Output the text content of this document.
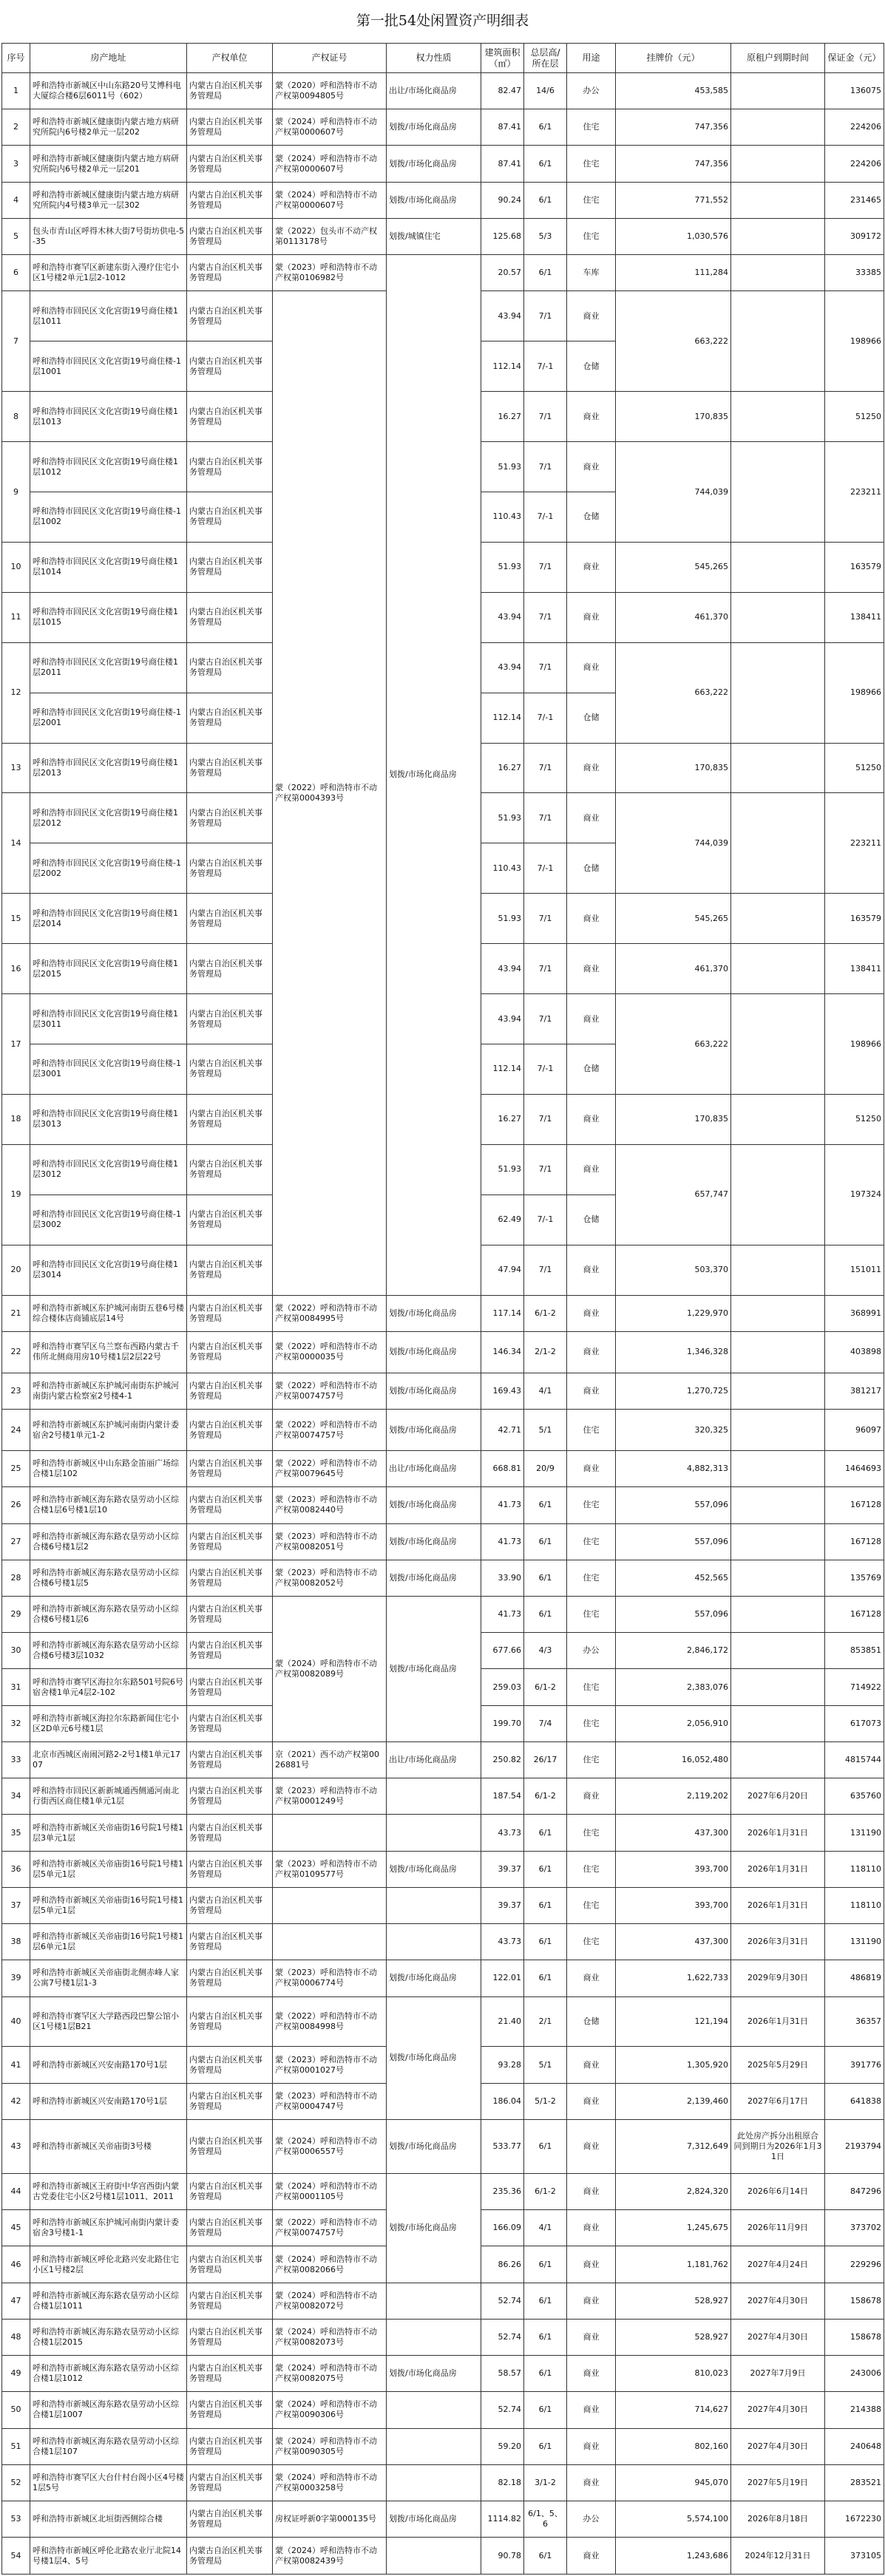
第一批54处闲置资产明细表
序号	房产地址	产权单位	产权证号	权力性质	建筑面积（㎡）	总层高/所在层	用途	挂牌价（元）	原租户到期时间	保证金（元）
1	呼和浩特市新城区中山东路20号艾博科电大厦综合楼6层6011号（602）	内蒙古自治区机关事务管理局	蒙（2020）呼和浩特市不动产权第0094805号	出让/市场化商品房	82.47	14/6	办公	453,585		136075
2	呼和浩特市新城区健康街内蒙古地方病研究所院内6号楼2单元一层202	内蒙古自治区机关事务管理局	蒙（2024）呼和浩特市不动产权第0000607号	划拨/市场化商品房	87.41	6/1	住宅	747,356		224206
3	呼和浩特市新城区健康街内蒙古地方病研究所院内6号楼2单元一层201	内蒙古自治区机关事务管理局	蒙（2024）呼和浩特市不动产权第0000607号	划拨/市场化商品房	87.41	6/1	住宅	747,356		224206
4	呼和浩特市新城区健康街内蒙古地方病研究所院内4号楼3单元一层302	内蒙古自治区机关事务管理局	蒙（2024）呼和浩特市不动产权第0000607号	划拨/市场化商品房	90.24	6/1	住宅	771,552		231465
5	包头市青山区呼得木林大街7号街坊供电-5-35	内蒙古自治区机关事务管理局	蒙（2022）包头市不动产权第0113178号	划拨/城镇住宅	125.68	5/3	住宅	1,030,576		309172
6	呼和浩特市赛罕区新建东街入漫疗住宅小区1号楼2单元1层2-1012	内蒙古自治区机关事务管理局	蒙（2023）呼和浩特市不动产权第0106982号	划拨/市场化商品房	20.57	6/1	车库	111,284		33385
7	呼和浩特市回民区文化宫街19号商住楼1层1011	内蒙古自治区机关事务管理局	蒙（2022）呼和浩特市不动产权第0004393号		43.94	7/1	商业	663,222		198966
	呼和浩特市回民区文化宫街19号商住楼-1层1001	内蒙古自治区机关事务管理局			112.14	7/-1	仓储			
8	呼和浩特市回民区文化宫街19号商住楼1层1013	内蒙古自治区机关事务管理局			16.27	7/1	商业	170,835		51250
9	呼和浩特市回民区文化宫街19号商住楼1层1012	内蒙古自治区机关事务管理局			51.93	7/1	商业	744,039		223211
	呼和浩特市回民区文化宫街19号商住楼-1层1002	内蒙古自治区机关事务管理局			110.43	7/-1	仓储			
10	呼和浩特市回民区文化宫街19号商住楼1层1014	内蒙古自治区机关事务管理局			51.93	7/1	商业	545,265		163579
11	呼和浩特市回民区文化宫街19号商住楼1层1015	内蒙古自治区机关事务管理局			43.94	7/1	商业	461,370		138411
12	呼和浩特市回民区文化宫街19号商住楼1层2011	内蒙古自治区机关事务管理局			43.94	7/1	商业	663,222		198966
	呼和浩特市回民区文化宫街19号商住楼-1层2001	内蒙古自治区机关事务管理局			112.14	7/-1	仓储			
13	呼和浩特市回民区文化宫街19号商住楼1层2013	内蒙古自治区机关事务管理局			16.27	7/1	商业	170,835		51250
14	呼和浩特市回民区文化宫街19号商住楼1层2012	内蒙古自治区机关事务管理局			51.93	7/1	商业	744,039		223211
	呼和浩特市回民区文化宫街19号商住楼-1层2002	内蒙古自治区机关事务管理局			110.43	7/-1	仓储			
15	呼和浩特市回民区文化宫街19号商住楼1层2014	内蒙古自治区机关事务管理局			51.93	7/1	商业	545,265		163579
16	呼和浩特市回民区文化宫街19号商住楼1层2015	内蒙古自治区机关事务管理局			43.94	7/1	商业	461,370		138411
17	呼和浩特市回民区文化宫街19号商住楼1层3011	内蒙古自治区机关事务管理局			43.94	7/1	商业	663,222		198966
	呼和浩特市回民区文化宫街19号商住楼-1层3001	内蒙古自治区机关事务管理局			112.14	7/-1	仓储			
18	呼和浩特市回民区文化宫街19号商住楼1层3013	内蒙古自治区机关事务管理局			16.27	7/1	商业	170,835		51250
19	呼和浩特市回民区文化宫街19号商住楼1层3012	内蒙古自治区机关事务管理局			51.93	7/1	商业	657,747		197324
	呼和浩特市回民区文化宫街19号商住楼-1层3002	内蒙古自治区机关事务管理局			62.49	7/-1	仓储			
20	呼和浩特市回民区文化宫街19号商住楼1层3014	内蒙古自治区机关事务管理局			47.94	7/1	商业	503,370		151011
21	呼和浩特市新城区东护城河南街五巷6号楼综合楼体店商铺底层14号	内蒙古自治区机关事务管理局	蒙（2022）呼和浩特市不动产权第0084995号	划拨/市场化商品房	117.14	6/1-2	商业	1,229,970		368991
22	呼和浩特市赛罕区乌兰察布西路内蒙古千伟所北侧商用房10号楼1层2层22号	内蒙古自治区机关事务管理局	蒙（2022）呼和浩特市不动产权第0000035号	划拨/市场化商品房	146.34	2/1-2	商业	1,346,328		403898
23	呼和浩特市新城区东护城河南街东护城河南街内蒙古检察室2号楼4-1	内蒙古自治区机关事务管理局	蒙（2022）呼和浩特市不动产权第0074757号	划拨/市场化商品房	169.43	4/1	商业	1,270,725		381217
24	呼和浩特市新城区东护城河南街内蒙计委宿舍2号楼1单元1-2	内蒙古自治区机关事务管理局	蒙（2022）呼和浩特市不动产权第0074757号	划拨/市场化商品房	42.71	5/1	住宅	320,325		96097
25	呼和浩特市新城区中山东路金笛丽广场综合楼1层102	内蒙古自治区机关事务管理局	蒙（2022）呼和浩特市不动产权第0079645号	出让/市场化商品房	668.81	20/9	商业	4,882,313		1464693
26	呼和浩特市新城区海东路农垦劳动小区综合楼1层6号楼1层10	内蒙古自治区机关事务管理局	蒙（2023）呼和浩特市不动产权第0082440号	划拨/市场化商品房	41.73	6/1	住宅	557,096		167128
27	呼和浩特市新城区海东路农垦劳动小区综合楼6号楼1层2	内蒙古自治区机关事务管理局	蒙（2023）呼和浩特市不动产权第0082051号	划拨/市场化商品房	41.73	6/1	住宅	557,096		167128
28	呼和浩特市新城区海东路农垦劳动小区综合楼6号楼1层5	内蒙古自治区机关事务管理局	蒙（2023）呼和浩特市不动产权第0082052号	划拨/市场化商品房	33.90	6/1	住宅	452,565		135769
29	呼和浩特市新城区海东路农垦劳动小区综合楼6号楼1层6	内蒙古自治区机关事务管理局	蒙（2024）呼和浩特市不动产权第0082089号	划拨/市场化商品房	41.73	6/1	住宅	557,096		167128
30	呼和浩特市新城区海东路农垦劳动小区综合楼6号楼3层1032	内蒙古自治区机关事务管理局			677.66	4/3	办公	2,846,172		853851
31	呼和浩特市赛罕区海拉尔东路501号院6号宿舍楼1单元4层2-102	内蒙古自治区机关事务管理局			259.03	6/1-2	住宅	2,383,076		714922
32	呼和浩特市新城区海拉尔东路新闻住宅小区2D单元6号楼1层	内蒙古自治区机关事务管理局			199.70	7/4	住宅	2,056,910		617073
33	北京市西城区南闹河路2-2号1楼1单元1707	内蒙古自治区机关事务管理局	京（2021）西不动产权第0026881号	出让/市场化商品房	250.82	26/17	住宅	16,052,480		4815744
34	呼和浩特市回民区新新城通西侧通河南北行街西区商住楼1单元1层	内蒙古自治区机关事务管理局	蒙（2023）呼和浩特市不动产权第0001249号		187.54	6/1-2	商业	2,119,202	2027年6月20日	635760
35	呼和浩特市新城区关帝庙街16号院1号楼1层3单元1层	内蒙古自治区机关事务管理局			43.73	6/1	住宅	437,300	2026年1月31日	131190
36	呼和浩特市新城区关帝庙街16号院1号楼1层5单元1层	内蒙古自治区机关事务管理局	蒙（2023）呼和浩特市不动产权第0109577号	划拨/市场化商品房	39.37	6/1	住宅	393,700	2026年1月31日	118110
37	呼和浩特市新城区关帝庙街16号院1号楼1层5单元1层	内蒙古自治区机关事务管理局			39.37	6/1	住宅	393,700	2026年1月31日	118110
38	呼和浩特市新城区关帝庙街16号院1号楼1层6单元1层	内蒙古自治区机关事务管理局			43.73	6/1	住宅	437,300	2026年3月31日	131190
39	呼和浩特市新城区关帝庙街北侧赤峰人家公寓7号楼1层1-3	内蒙古自治区机关事务管理局	蒙（2023）呼和浩特市不动产权第0006774号	划拨/市场化商品房	122.01	6/1	商业	1,622,733	2029年9月30日	486819
40	呼和浩特市赛罕区大学路西段巴黎公馆小区1号楼1层B21	内蒙古自治区机关事务管理局	蒙（2022）呼和浩特市不动产权第0084998号	划拨/市场化商品房	21.40	2/1	仓储	121,194	2026年1月31日	36357
41	呼和浩特市新城区兴安南路170号1层	内蒙古自治区机关事务管理局	蒙（2023）呼和浩特市不动产权第0001027号		93.28	5/1	商业	1,305,920	2025年5月29日	391776
42	呼和浩特市新城区兴安南路170号1层	内蒙古自治区机关事务管理局	蒙（2023）呼和浩特市不动产权第0004747号		186.04	5/1-2	商业	2,139,460	2027年6月17日	641838
43	呼和浩特市新城区关帝庙街3号楼	内蒙古自治区机关事务管理局	蒙（2024）呼和浩特市不动产权第0006557号	划拨/市场化商品房	533.77	6/1	商业	7,312,649	此处房产拆分出租原合同到期日为2026年1月31日	2193794
44	呼和浩特市新城区王府街中华宫西街内蒙古党委住宅小区2号楼1层1011、2011	内蒙古自治区机关事务管理局	蒙（2024）呼和浩特市不动产权第0001105号	划拨/市场化商品房	235.36	6/1-2	商业	2,824,320	2026年6月14日	847296
45	呼和浩特市新城区东护城河南街内蒙计委宿舍3号楼1-1	内蒙古自治区机关事务管理局	蒙（2022）呼和浩特市不动产权第0074757号		166.09	4/1	商业	1,245,675	2026年11月9日	373702
46	呼和浩特市新城区呼伦北路兴安北路住宅小区1号楼2层	内蒙古自治区机关事务管理局	蒙（2024）呼和浩特市不动产权第0082066号		86.26	6/1	商业	1,181,762	2027年4月24日	229296
47	呼和浩特市新城区海东路农垦劳动小区综合楼1层1011	内蒙古自治区机关事务管理局	蒙（2024）呼和浩特市不动产权第0082072号		52.74	6/1	商业	528,927	2027年4月30日	158678
48	呼和浩特市新城区海东路农垦劳动小区综合楼1层2015	内蒙古自治区机关事务管理局	蒙（2024）呼和浩特市不动产权第0082073号		52.74	6/1	商业	528,927	2027年4月30日	158678
49	呼和浩特市新城区海东路农垦劳动小区综合楼1层1012	内蒙古自治区机关事务管理局	蒙（2024）呼和浩特市不动产权第0082075号	划拨/市场化商品房	58.57	6/1	商业	810,023	2027年7月9日	243006
50	呼和浩特市新城区海东路农垦劳动小区综合楼1层1007	内蒙古自治区机关事务管理局	蒙（2024）呼和浩特市不动产权第0090306号		52.74	6/1	商业	714,627	2027年4月30日	214388
51	呼和浩特市新城区海东路农垦劳动小区综合楼1层107	内蒙古自治区机关事务管理局	蒙（2024）呼和浩特市不动产权第0090305号		59.20	6/1	商业	802,160	2027年4月30日	240648
52	呼和浩特市赛罕区大台什村台阁小区4号楼1层5号	内蒙古自治区机关事务管理局	蒙（2024）呼和浩特市不动产权第0003258号		82.18	3/1-2	商业	945,070	2027年5月19日	283521
53	呼和浩特市新城区北垣街西侧综合楼	内蒙古自治区机关事务管理局	房权证呼新0字第000135号	划拨/市场化商品房	1114.82	6/1、5、6	办公	5,574,100	2026年8月18日	1672230
54	呼和浩特市新城区呼伦北路农业厅北院14号楼1层4、5号	内蒙古自治区机关事务管理局	蒙（2024）呼和浩特市不动产权第0082439号		90.78	6/1	商业	1,243,686	2024年12月31日	373105
